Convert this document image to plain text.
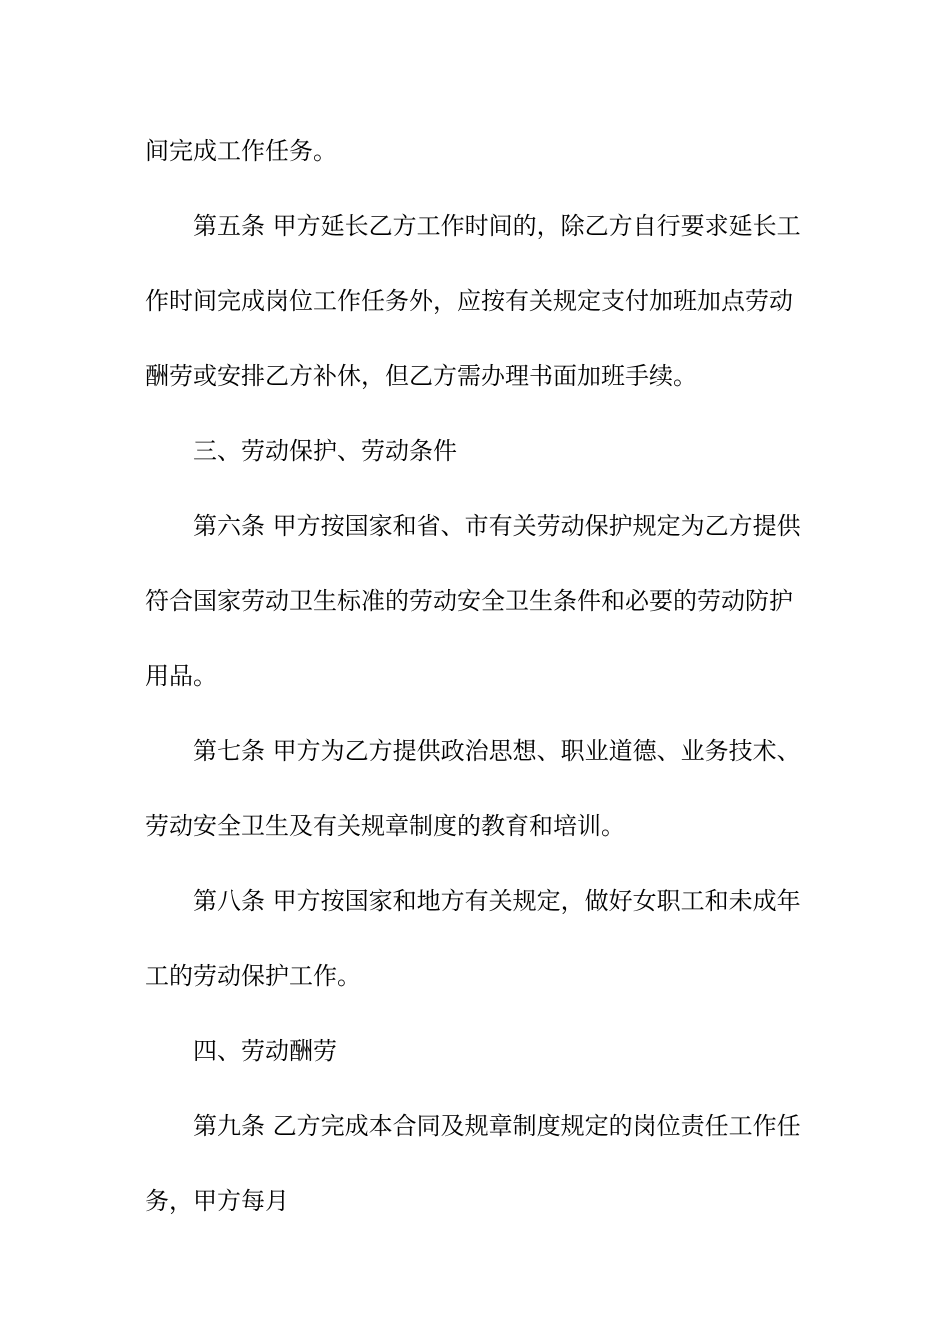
间完成工作任务。
第五条 甲方延长乙方工作时间的，除乙方自行要求延长工
作时间完成岗位工作任务外，应按有关规定支付加班加点劳动
酬劳或安排乙方补休，但乙方需办理书面加班手续。
三、劳动保护、劳动条件
第六条 甲方按国家和省、市有关劳动保护规定为乙方提供
符合国家劳动卫生标准的劳动安全卫生条件和必要的劳动防护
用品。
第七条 甲方为乙方提供政治思想、职业道德、业务技术、
劳动安全卫生及有关规章制度的教育和培训。
第八条 甲方按国家和地方有关规定，做好女职工和未成年
工的劳动保护工作。
四、劳动酬劳
第九条 乙方完成本合同及规章制度规定的岗位责任工作任
务，甲方每月
